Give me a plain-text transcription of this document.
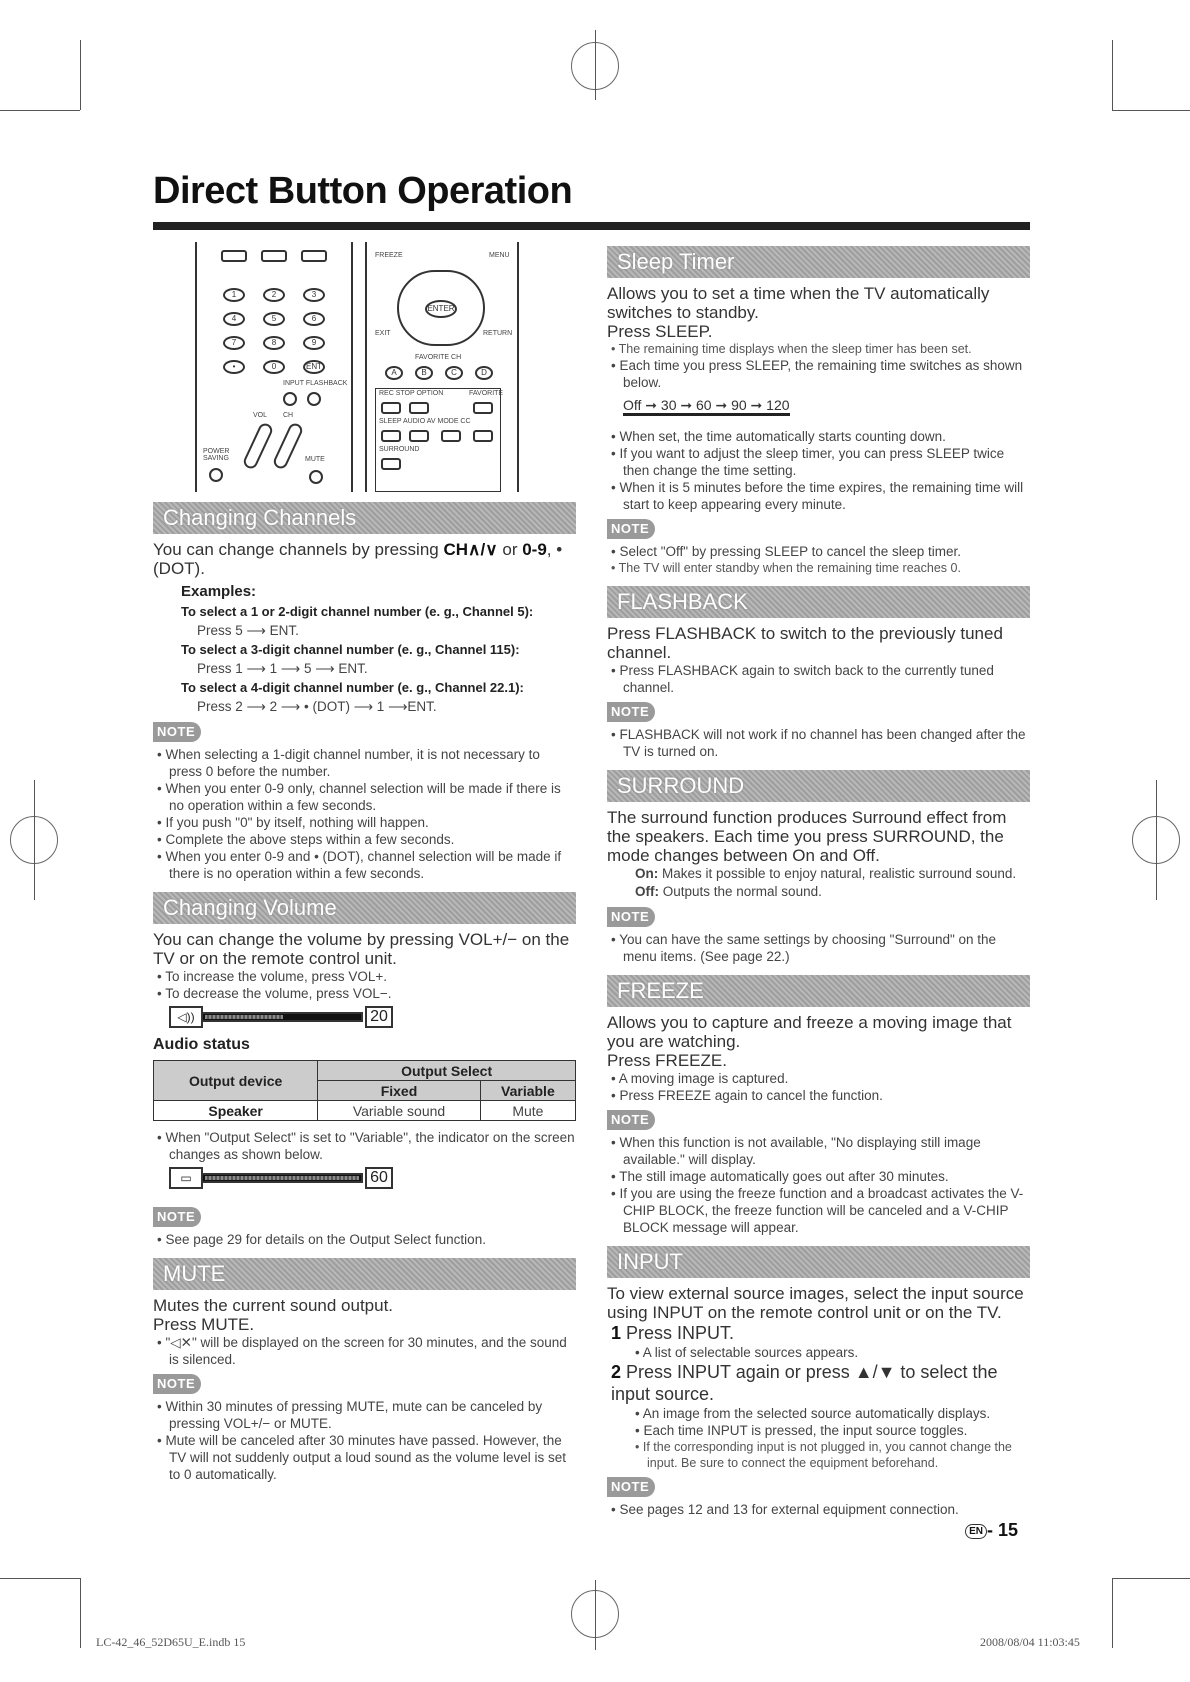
Direct Button Operation
1	2	3
4	5	6
7	8	9
•	0	ENT
INPUT FLASHBACK
VOL CH
POWER SAVING	MUTE
FREEZE	MENU
ENTER
EXIT	RETURN
FAVORITE CH
A	B	C	D
REC STOP OPTION	FAVORITE
SLEEP AUDIO AV MODE CC
SURROUND
Changing Channels
You can change channels by pressing CH∧/∨ or 0-9, • (DOT).
Examples:
To select a 1 or 2-digit channel number (e. g., Channel 5):
Press 5 ⟶ ENT.
To select a 3-digit channel number (e. g., Channel 115):
Press 1 ⟶ 1 ⟶ 5 ⟶ ENT.
To select a 4-digit channel number (e. g., Channel 22.1):
Press 2 ⟶ 2 ⟶ • (DOT) ⟶ 1 ⟶ENT.
NOTE
• When selecting a 1-digit channel number, it is not necessary to press 0 before the number.
• When you enter 0-9 only, channel selection will be made if there is no operation within a few seconds.
• If you push "0" by itself, nothing will happen.
• Complete the above steps within a few seconds.
• When you enter 0-9 and • (DOT), channel selection will be made if there is no operation within a few seconds.
Changing Volume
You can change the volume by pressing VOL+/− on the TV or on the remote control unit.
• To increase the volume, press VOL+.
• To decrease the volume, press VOL−.
◁))	20
Audio status
Output device	Output Select	
	Fixed	Variable
Speaker	Variable sound	Mute
• When "Output Select" is set to "Variable", the indicator on the screen changes as shown below.
▭	60
NOTE
• See page 29 for details on the Output Select function.
MUTE
Mutes the current sound output.
Press MUTE.
• "◁✕" will be displayed on the screen for 30 minutes, and the sound is silenced.
NOTE
• Within 30 minutes of pressing MUTE, mute can be canceled by pressing VOL+/− or MUTE.
• Mute will be canceled after 30 minutes have passed. However, the TV will not suddenly output a loud sound as the volume level is set to 0 automatically.
Sleep Timer
Allows you to set a time when the TV automatically switches to standby.
Press SLEEP.
• The remaining time displays when the sleep timer has been set.
• Each time you press SLEEP, the remaining time switches as shown below.
Off ➞ 30 ➞ 60 ➞ 90 ➞ 120
• When set, the time automatically starts counting down.
• If you want to adjust the sleep timer, you can press SLEEP twice then change the time setting.
• When it is 5 minutes before the time expires, the remaining time will start to keep appearing every minute.
NOTE
• Select "Off" by pressing SLEEP to cancel the sleep timer.
• The TV will enter standby when the remaining time reaches 0.
FLASHBACK
Press FLASHBACK to switch to the previously tuned channel.
• Press FLASHBACK again to switch back to the currently tuned channel.
NOTE
• FLASHBACK will not work if no channel has been changed after the TV is turned on.
SURROUND
The surround function produces Surround effect from the speakers. Each time you press SURROUND, the mode changes between On and Off.
On: Makes it possible to enjoy natural, realistic surround sound.
Off: Outputs the normal sound.
NOTE
• You can have the same settings by choosing "Surround" on the menu items. (See page 22.)
FREEZE
Allows you to capture and freeze a moving image that you are watching.
Press FREEZE.
• A moving image is captured.
• Press FREEZE again to cancel the function.
NOTE
• When this function is not available, "No displaying still image available." will display.
• The still image automatically goes out after 30 minutes.
• If you are using the freeze function and a broadcast activates the V-CHIP BLOCK, the freeze function will be canceled and a V-CHIP BLOCK message will appear.
INPUT
To view external source images, select the input source using INPUT on the remote control unit or on the TV.
1 Press INPUT.
• A list of selectable sources appears.
2 Press INPUT again or press ▲/▼ to select the input source.
• An image from the selected source automatically displays.
• Each time INPUT is pressed, the input source toggles.
• If the corresponding input is not plugged in, you cannot change the input. Be sure to connect the equipment beforehand.
NOTE
• See pages 12 and 13 for external equipment connection.
EN - 15
LC-42_46_52D65U_E.indb 15	2008/08/04 11:03:45
